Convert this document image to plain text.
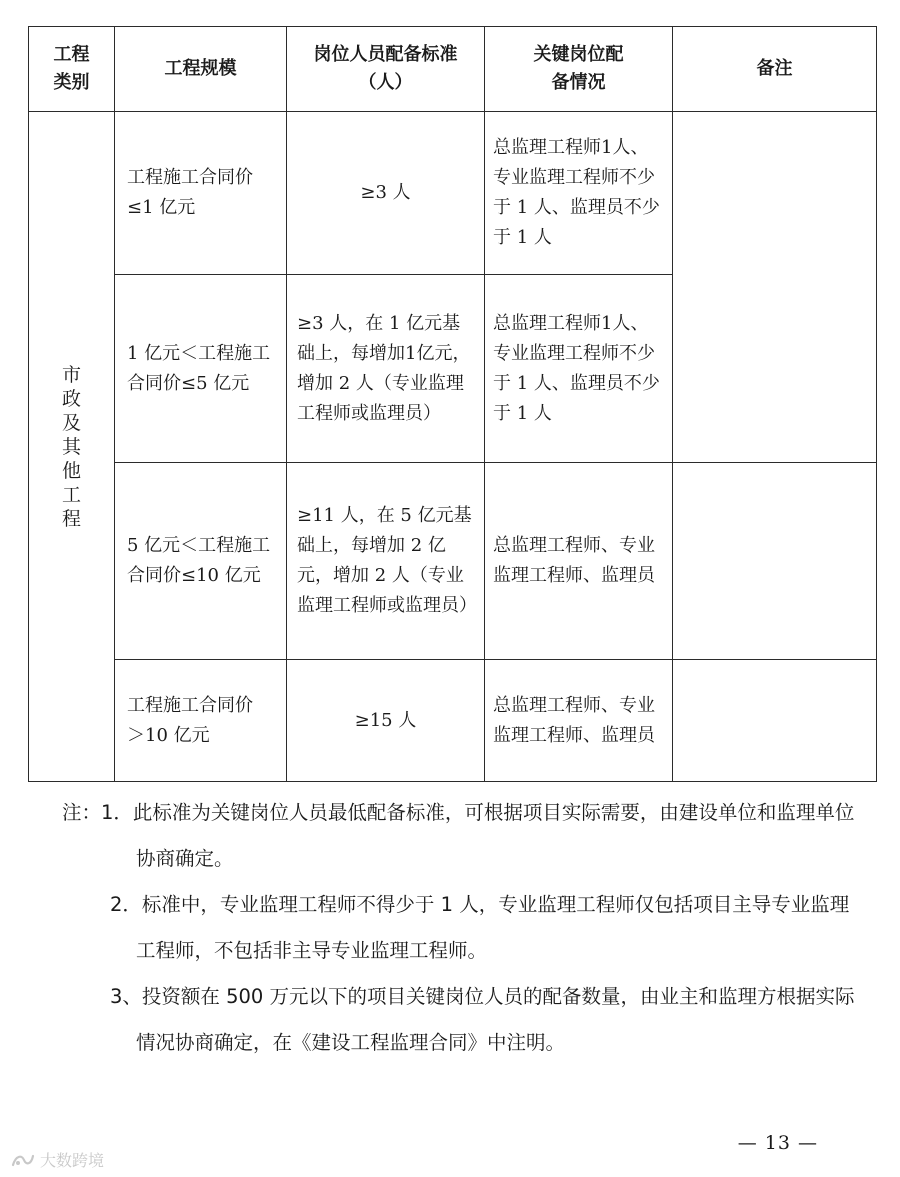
工程类别	工程规模	岗位人员配备标准（人）	关键岗位配备情况	备注
市政及其他工程	工程施工合同价≤1 亿元	≥3 人	总监理工程师1人、专业监理工程师不少于 1 人、监理员不少于 1 人	

	1 亿元＜工程施工合同价≤5 亿元	≥3 人，在 1 亿元基础上，每增加1亿元，增加 2 人（专业监理工程师或监理员）	总监理工程师1人、专业监理工程师不少于 1 人、监理员不少于 1 人	

	5 亿元＜工程施工合同价≤10 亿元	≥11 人，在 5 亿元基础上，每增加 2 亿元，增加 2 人（专业监理工程师或监理员）	总监理工程师、专业监理工程师、监理员	

	工程施工合同价＞10 亿元	≥15 人	总监理工程师、专业监理工程师、监理员	

注：1．此标准为关键岗位人员最低配备标准，可根据项目实际需要，由建设单位和监理单位协商确定。
2．标准中，专业监理工程师不得少于 1 人，专业监理工程师仅包括项目主导专业监理工程师，不包括非主导专业监理工程师。
3、投资额在 500 万元以下的项目关键岗位人员的配备数量，由业主和监理方根据实际情况协商确定，在《建设工程监理合同》中注明。
— 13 —
大数跨境
